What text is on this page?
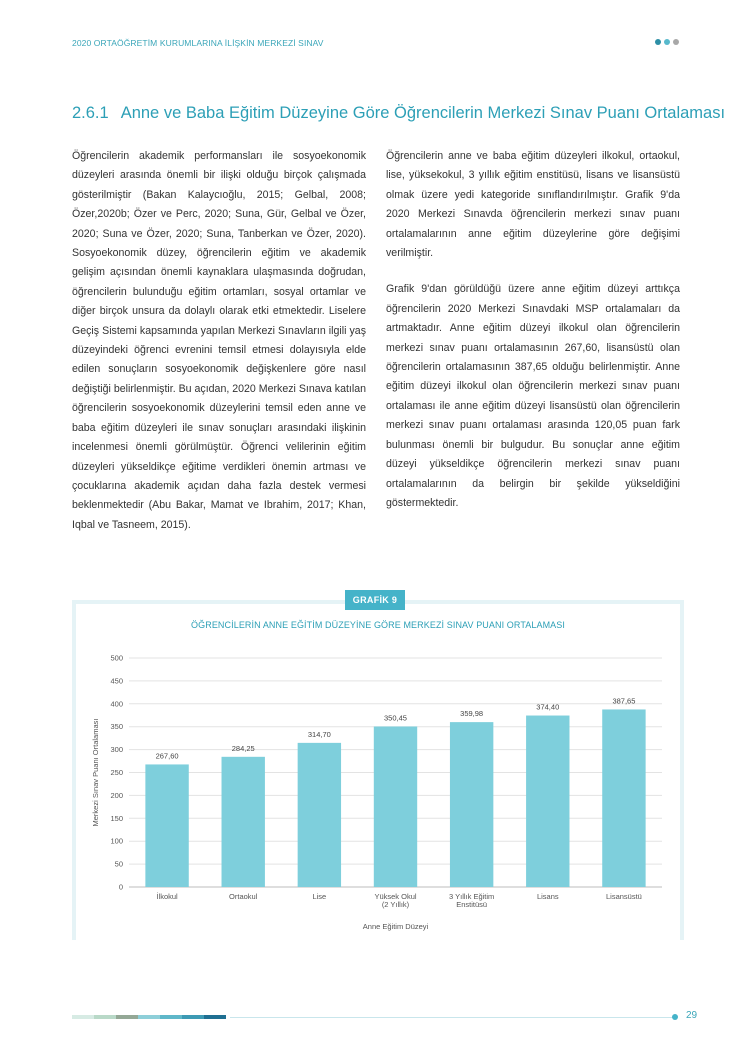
2020 ORTAÖĞRETİM KURUMLARINA İLİŞKİN MERKEZİ SINAV
2.6.1 Anne ve Baba Eğitim Düzeyine Göre Öğrencilerin Merkezi Sınav Puanı Ortalaması

Öğrencilerin akademik performansları ile sosyoekonomik düzeyleri arasında önemli bir ilişki olduğu birçok çalışmada gösterilmiştir (Bakan Kalaycıoğlu, 2015; Gelbal, 2008; Özer,2020b; Özer ve Perc, 2020; Suna, Gür, Gelbal ve Özer, 2020; Suna ve Özer, 2020; Suna, Tanberkan ve Özer, 2020). Sosyoekonomik düzey, öğrencilerin eğitim ve akademik gelişim açısından önemli kaynaklara ulaşmasında doğrudan, öğrencilerin bulunduğu eğitim ortamları, sosyal ortamlar ve diğer birçok unsura da dolaylı olarak etki etmektedir. Liselere Geçiş Sistemi kapsamında yapılan Merkezi Sınavların ilgili yaş düzeyindeki öğrenci evrenini temsil etmesi dolayısıyla elde edilen sonuçların sosyoekonomik değişkenlere göre nasıl değiştiği belirlenmiştir. Bu açıdan, 2020 Merkezi Sınava katılan öğrencilerin sosyoekonomik düzeylerini temsil eden anne ve baba eğitim düzeyleri ile sınav sonuçları arasındaki ilişkinin incelenmesi önemli görülmüştür. Öğrenci velilerinin eğitim düzeyleri yükseldikçe eğitime verdikleri önemin artması ve çocuklarına akademik açıdan daha fazla destek vermesi beklenmektedir (Abu Bakar, Mamat ve Ibrahim, 2017; Khan, Iqbal ve Tasneem, 2015).

Öğrencilerin anne ve baba eğitim düzeyleri ilkokul, ortaokul, lise, yüksekokul, 3 yıllık eğitim enstitüsü, lisans ve lisansüstü olmak üzere yedi kategoride sınıflandırılmıştır. Grafik 9'da 2020 Merkezi Sınavda öğrencilerin merkezi sınav puanı ortalamalarının anne eğitim düzeylerine göre değişimi verilmiştir.

Grafik 9'dan görüldüğü üzere anne eğitim düzeyi arttıkça öğrencilerin 2020 Merkezi Sınavdaki MSP ortalamaları da artmaktadır. Anne eğitim düzeyi ilkokul olan öğrencilerin merkezi sınav puanı ortalamasının 267,60, lisansüstü olan öğrencilerin ortalamasının 387,65 olduğu belirlenmiştir. Anne eğitim düzeyi ilkokul olan öğrencilerin merkezi sınav puanı ortalaması ile anne eğitim düzeyi lisansüstü olan öğrencilerin merkezi sınav puanı ortalaması arasında 120,05 puan fark bulunması önemli bir bulgudur. Bu sonuçlar anne eğitim düzeyi yükseldikçe öğrencilerin merkezi sınav puanı ortalamalarının da belirgin bir şekilde yükseldiğini göstermektedir.

GRAFİK 9
ÖĞRENCİLERİN ANNE EĞİTİM DÜZEYİNE GÖRE MERKEZİ SINAV PUANI ORTALAMASI
0
50
100
150
200
250
300
350
400
450
500
267,60
İlkokul
284,25
Ortaokul
314,70
Lise
350,45
Yüksek Okul
(2 Yıllık)
359,98
3 Yıllık Eğitim
Enstitüsü
374,40
Lisans
387,65
Lisansüstü
Anne Eğitim Düzeyi
Merkezi Sınav Puanı Ortalaması
29
